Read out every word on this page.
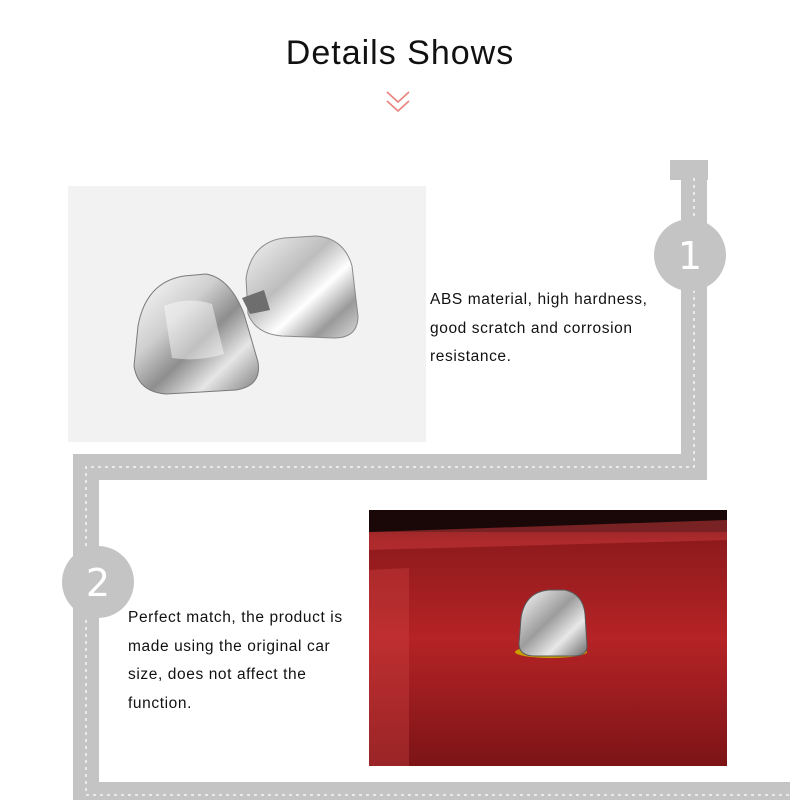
Details Shows
1
2
ABS material, high hardness, good scratch and corrosion resistance.
Perfect match, the product is made using the original car size, does not affect the function.
